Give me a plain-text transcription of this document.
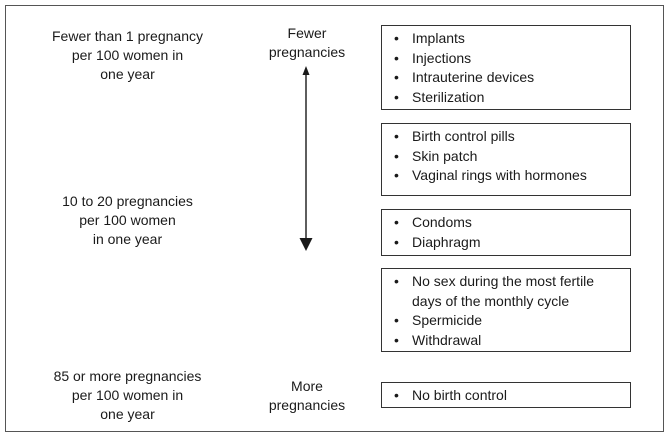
Fewer than 1 pregnancy
per 100 women in
one year
10 to 20 pregnancies
per 100 women
in one year
85 or more pregnancies
per 100 women in
one year
Fewer
pregnancies
More
pregnancies
• Implants
• Injections
• Intrauterine devices
• Sterilization
• Birth control pills
• Skin patch
• Vaginal rings with hormones
• Condoms
• Diaphragm
• No sex during the most fertile days of the monthly cycle
• Spermicide
• Withdrawal
• No birth control
